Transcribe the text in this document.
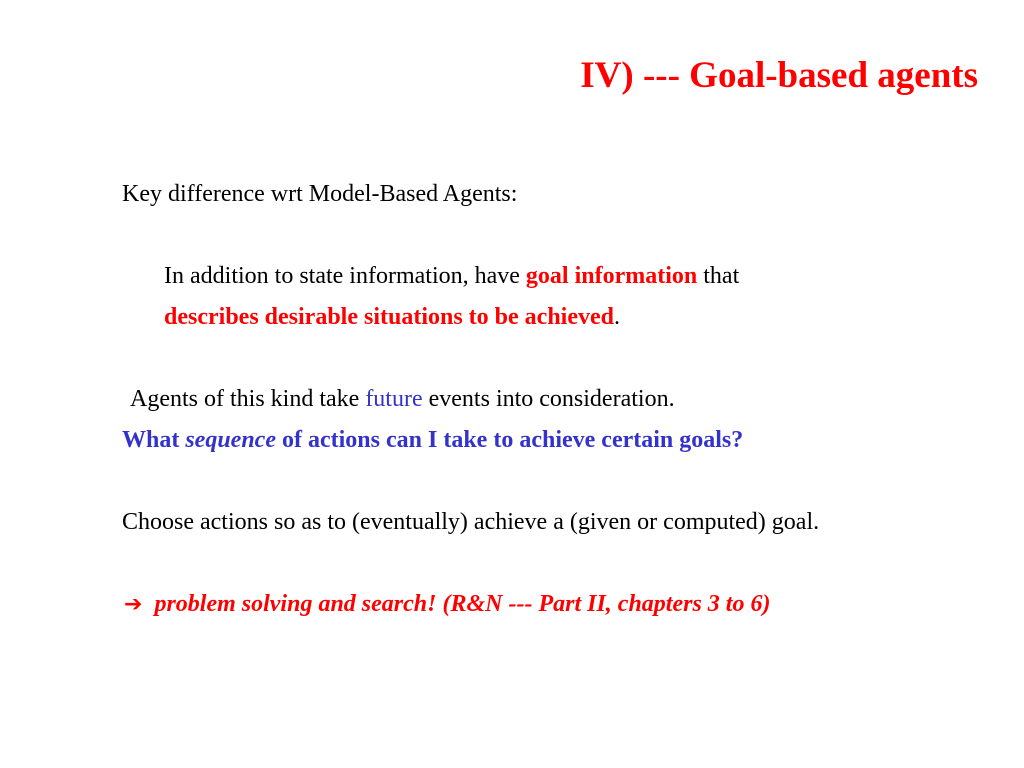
IV) --- Goal-based agents

Key difference wrt Model-Based Agents:

In addition to state information, have goal information that

describes desirable situations to be achieved.

Agents of this kind take future events into consideration.

What sequence of actions can I take to achieve certain goals?

Choose actions so as to (eventually) achieve a (given or computed) goal.

➔ problem solving and search! (R&N --- Part II, chapters 3 to 6)
